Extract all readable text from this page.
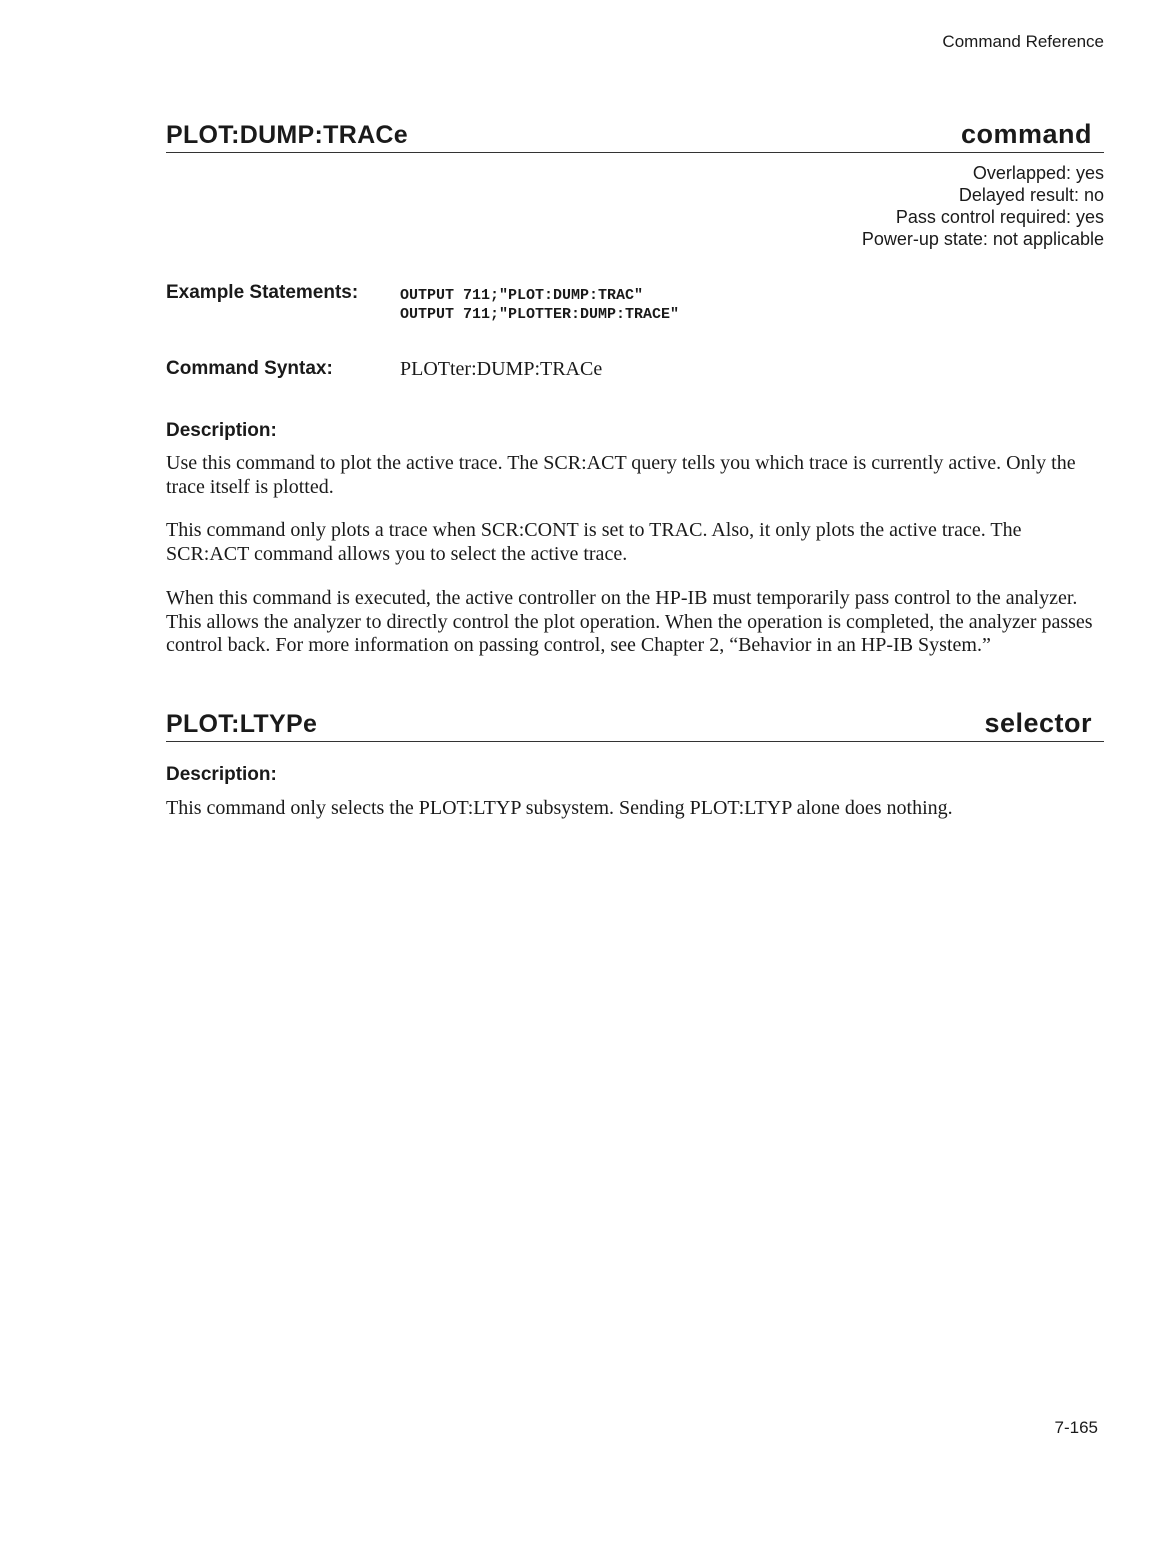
Command Reference
PLOT:DUMP:TRACe	command
Overlapped: yes
Delayed result: no
Pass control required: yes
Power-up state: not applicable
Example Statements:	OUTPUT 711;"PLOT:DUMP:TRAC"
OUTPUT 711;"PLOTTER:DUMP:TRACE"
Command Syntax:	PLOTter:DUMP:TRACe
Description:

Use this command to plot the active trace. The SCR:ACT query tells you which trace is currently active. Only the trace itself is plotted.

This command only plots a trace when SCR:CONT is set to TRAC. Also, it only plots the active trace. The SCR:ACT command allows you to select the active trace.

When this command is executed, the active controller on the HP-IB must temporarily pass control to the analyzer. This allows the analyzer to directly control the plot operation. When the operation is completed, the analyzer passes control back. For more information on passing control, see Chapter 2, “Behavior in an HP-IB System.”

PLOT:LTYPe	selector
Description:

This command only selects the PLOT:LTYP subsystem. Sending PLOT:LTYP alone does nothing.

7-165
